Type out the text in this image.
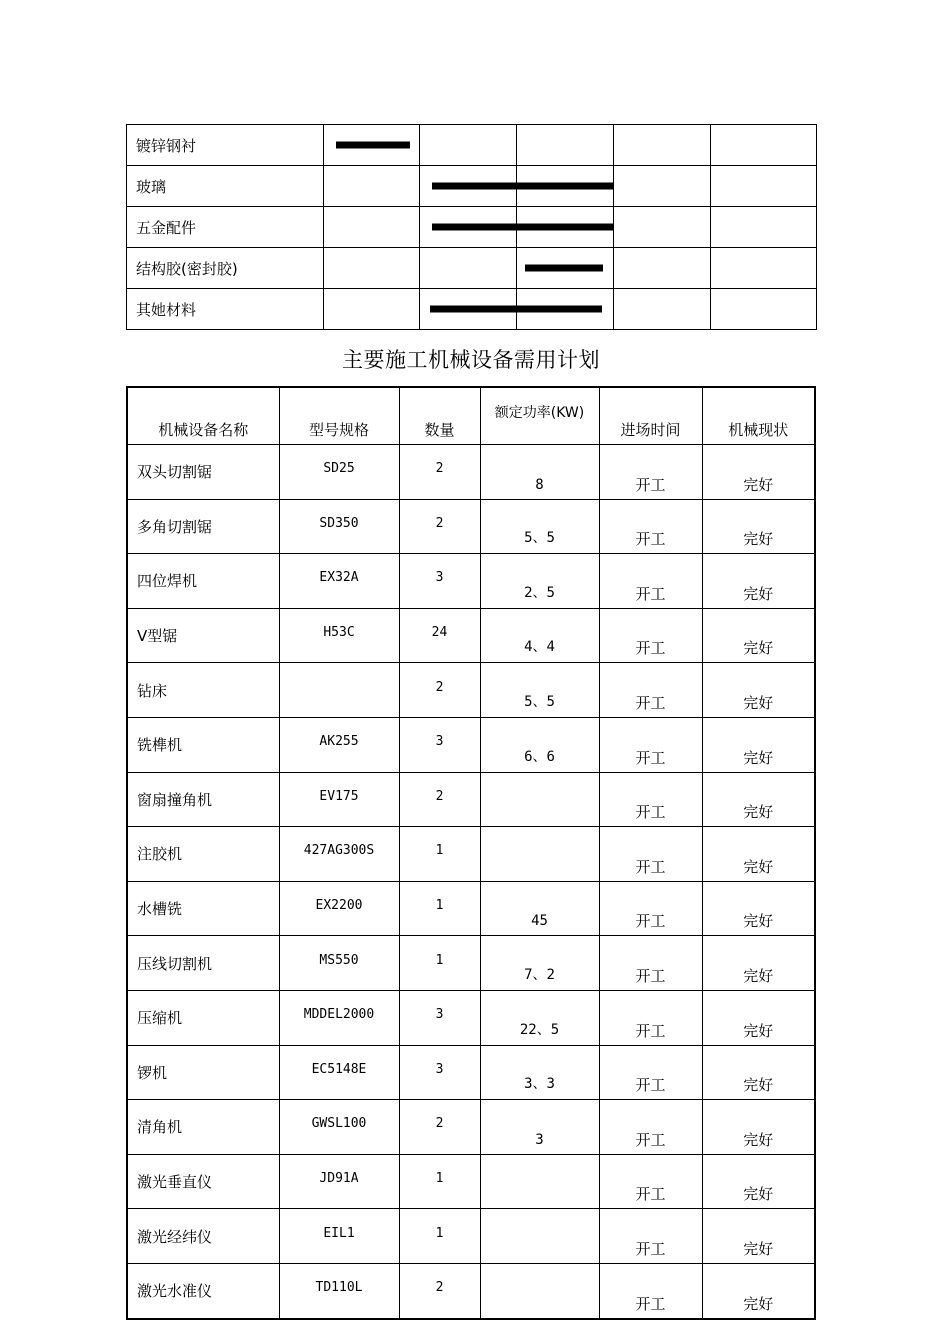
镀锌钢衬	

玻璃		

五金配件		

结构胶(密封胶)			

其她材料		

主要施工机械设备需用计划
机械设备名称	型号规格	数量	额定功率(KW)	进场时间	机械现状
双头切割锯	SD25	2	8	开工	完好
多角切割锯	SD350	2	5、5	开工	完好
四位焊机	EX32A	3	2、5	开工	完好
V型锯	H53C	24	4、4	开工	完好
钻床		2	5、5	开工	完好
铣榫机	AK255	3	6、6	开工	完好
窗扇撞角机	EV175	2		开工	完好
注胶机	427AG300S	1		开工	完好
水槽铣	EX2200	1	45	开工	完好
压线切割机	MS550	1	7、2	开工	完好
压缩机	MDDEL2000	3	22、5	开工	完好
锣机	EC5148E	3	3、3	开工	完好
清角机	GWSL100	2	3	开工	完好
激光垂直仪	JD91A	1		开工	完好
激光经纬仪	EIL1	1		开工	完好
激光水准仪	TD110L	2		开工	完好
